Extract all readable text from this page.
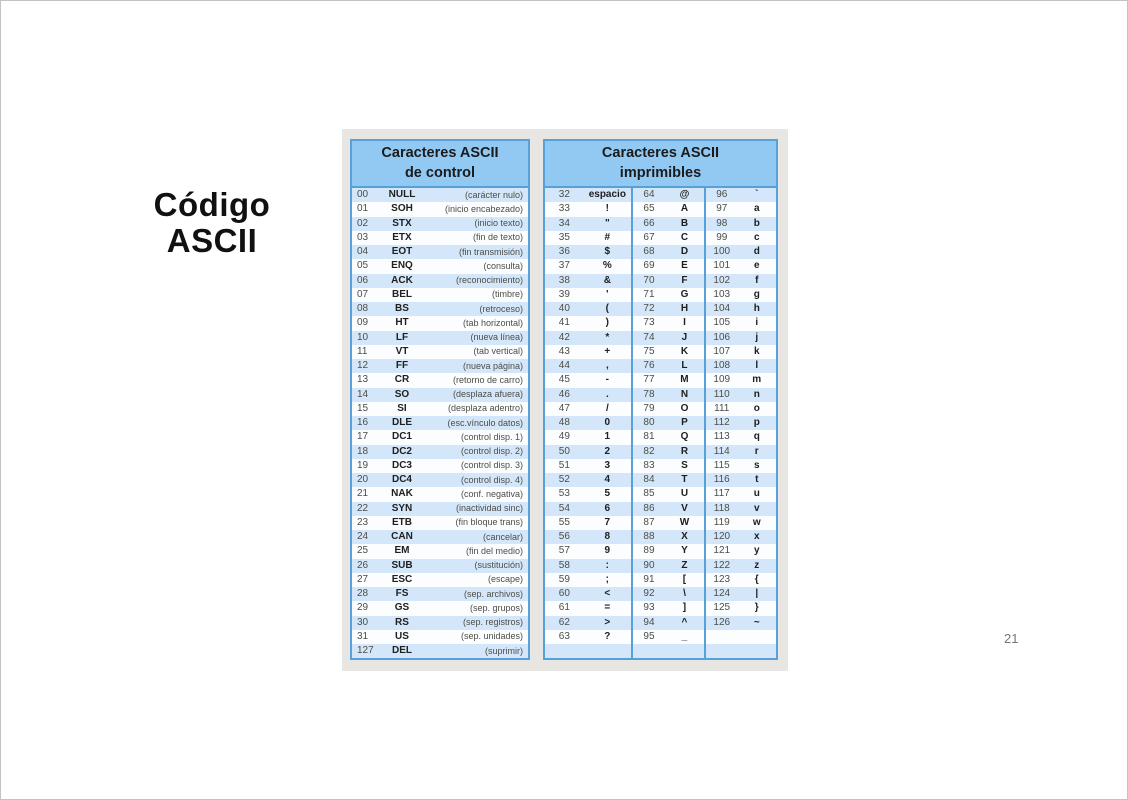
Código
ASCII
Caracteres ASCII
de control
00	NULL	(carácter nulo)
01	SOH	(inicio encabezado)
02	STX	(inicio texto)
03	ETX	(fin de texto)
04	EOT	(fin transmisión)
05	ENQ	(consulta)
06	ACK	(reconocimiento)
07	BEL	(timbre)
08	BS	(retroceso)
09	HT	(tab horizontal)
10	LF	(nueva línea)
11	VT	(tab vertical)
12	FF	(nueva página)
13	CR	(retorno de carro)
14	SO	(desplaza afuera)
15	SI	(desplaza adentro)
16	DLE	(esc.vínculo datos)
17	DC1	(control disp. 1)
18	DC2	(control disp. 2)
19	DC3	(control disp. 3)
20	DC4	(control disp. 4)
21	NAK	(conf. negativa)
22	SYN	(inactividad sinc)
23	ETB	(fin bloque trans)
24	CAN	(cancelar)
25	EM	(fin del medio)
26	SUB	(sustitución)
27	ESC	(escape)
28	FS	(sep. archivos)
29	GS	(sep. grupos)
30	RS	(sep. registros)
31	US	(sep. unidades)
127	DEL	(suprimir)
Caracteres ASCII
imprimibles
32	espacio
33	!
34	"
35	#
36	$
37	%
38	&
39	'
40	(
41	)
42	*
43	+
44	,
45	-
46	.
47	/
48	0
49	1
50	2
51	3
52	4
53	5
54	6
55	7
56	8
57	9
58	:
59	;
60	<
61	=
62	>
63	?
64	@
65	A
66	B
67	C
68	D
69	E
70	F
71	G
72	H
73	I
74	J
75	K
76	L
77	M
78	N
79	O
80	P
81	Q
82	R
83	S
84	T
85	U
86	V
87	W
88	X
89	Y
90	Z
91	[
92	\
93	]
94	^
95	_
96	`
97	a
98	b
99	c
100	d
101	e
102	f
103	g
104	h
105	i
106	j
107	k
108	l
109	m
110	n
111	o
112	p
113	q
114	r
115	s
116	t
117	u
118	v
119	w
120	x
121	y
122	z
123	{
124	|
125	}
126	~
21
